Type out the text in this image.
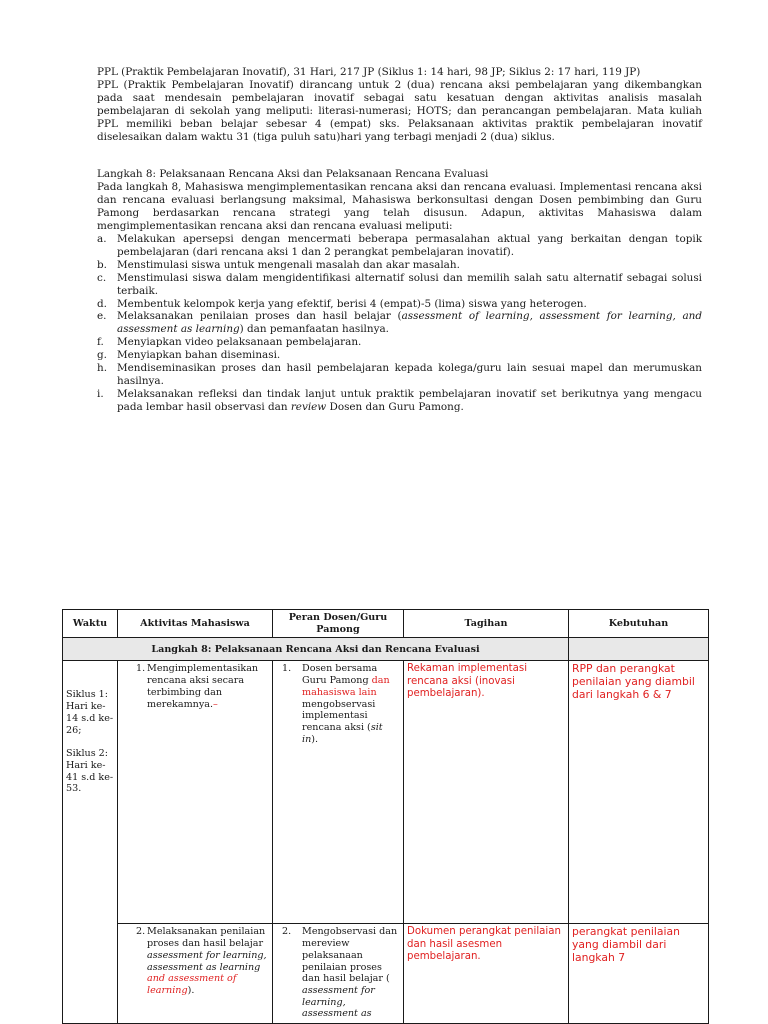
PPL (Praktik Pembelajaran Inovatif), 31 Hari, 217 JP (Siklus 1: 14 hari, 98 JP; Siklus 2: 17 hari, 119 JP)

PPL (Praktik Pembelajaran Inovatif) dirancang untuk 2 (dua) rencana aksi pembelajaran yang dikembangkan pada saat mendesain pembelajaran inovatif sebagai satu kesatuan dengan aktivitas analisis masalah pembelajaran di sekolah yang meliputi: literasi-numerasi; HOTS; dan perancangan pembelajaran. Mata kuliah PPL memiliki beban belajar sebesar 4 (empat) sks. Pelaksanaan aktivitas praktik pembelajaran inovatif diselesaikan dalam waktu 31 (tiga puluh satu)hari yang terbagi menjadi 2 (dua) siklus.

Langkah 8: Pelaksanaan Rencana Aksi dan Pelaksanaan Rencana Evaluasi

Pada langkah 8, Mahasiswa mengimplementasikan rencana aksi dan rencana evaluasi. Implementasi rencana aksi dan rencana evaluasi berlangsung maksimal, Mahasiswa berkonsultasi dengan Dosen pembimbing dan Guru Pamong berdasarkan rencana strategi yang telah disusun. Adapun, aktivitas Mahasiswa dalam mengimplementasikan rencana aksi dan rencana evaluasi meliputi:

a. Melakukan apersepsi dengan mencermati beberapa permasalahan aktual yang berkaitan dengan topik pembelajaran (dari rencana aksi 1 dan 2 perangkat pembelajaran inovatif).
b. Menstimulasi siswa untuk mengenali masalah dan akar masalah.
c. Menstimulasi siswa dalam mengidentifikasi alternatif solusi dan memilih salah satu alternatif sebagai solusi terbaik.
d. Membentuk kelompok kerja yang efektif, berisi 4 (empat)-5 (lima) siswa yang heterogen.
e. Melaksanakan penilaian proses dan hasil belajar (assessment of learning, assessment for learning, and assessment as learning) dan pemanfaatan hasilnya.
f. Menyiapkan video pelaksanaan pembelajaran.
g. Menyiapkan bahan diseminasi.
h. Mendiseminasikan proses dan hasil pembelajaran kepada kolega/guru lain sesuai mapel dan merumuskan hasilnya.
i. Melaksanakan refleksi dan tindak lanjut untuk praktik pembelajaran inovatif set berikutnya yang mengacu pada lembar hasil observasi dan review Dosen dan Guru Pamong.
Waktu	Aktivitas Mahasiswa	Peran Dosen/Guru Pamong	Tagihan	Kebutuhan
Langkah 8: Pelaksanaan Rencana Aksi dan Rencana Evaluasi				

Siklus 1: Hari ke-14 s.d ke-26;
Siklus 2: Hari ke-41 s.d ke-53.	1. Mengimplementasikan rencana aksi secara terbimbing dan merekamnya.–	1. Dosen bersama Guru Pamong dan mahasiswa lain mengobservasi implementasi rencana aksi (sit in).	Rekaman implementasi rencana aksi (inovasi pembelajaran).	RPP dan perangkat penilaian yang diambil dari langkah 6 & 7

	2. Melaksanakan penilaian proses dan hasil belajar assessment for learning, assessment as learning and assessment of learning).	2. Mengobservasi dan mereview pelaksanaan penilaian proses dan hasil belajar ( assessment for learning, assessment as	Dokumen perangkat penilaian dan hasil asesmen pembelajaran.	perangkat penilaian yang diambil dari langkah 7
